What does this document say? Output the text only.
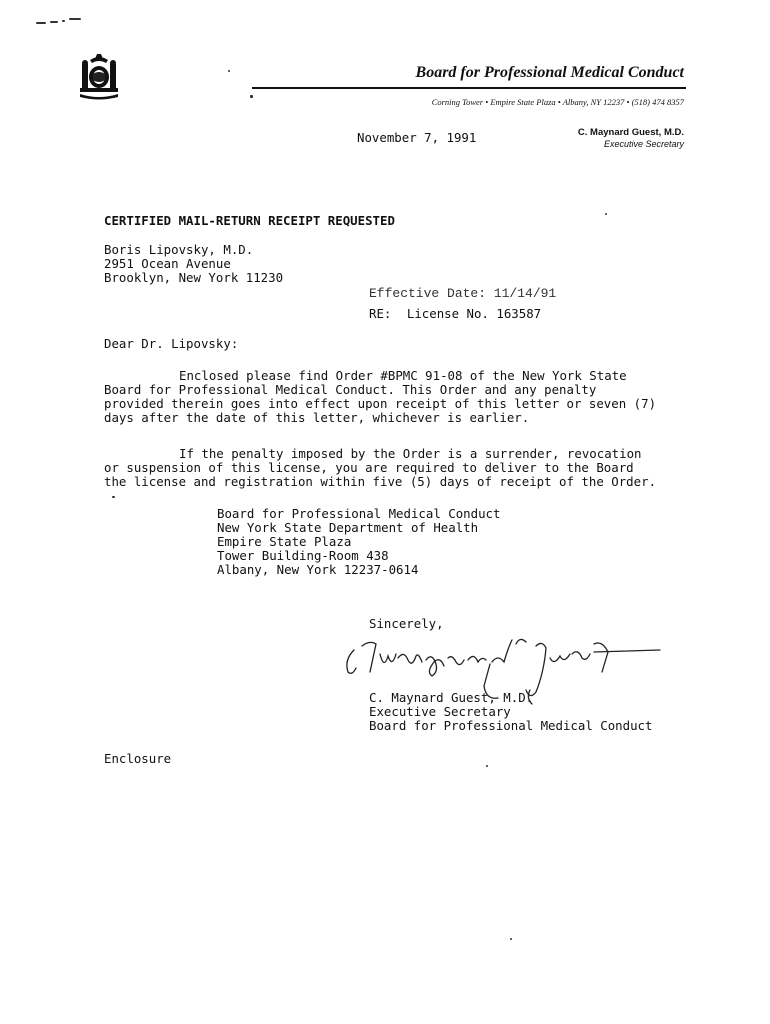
Board for Professional Medical Conduct
Corning Tower • Empire State Plaza • Albany, NY 12237 • (518) 474 8357
November 7, 1991	C. Maynard Guest, M.D.
Executive Secretary
CERTIFIED MAIL-RETURN RECEIPT REQUESTED
Boris Lipovsky, M.D.
2951 Ocean Avenue
Brooklyn, New York 11230
Effective Date: 11/14/91
RE: License No. 163587
Dear Dr. Lipovsky:
Enclosed please find Order #BPMC 91-08 of the New York State
Board for Professional Medical Conduct. This Order and any penalty
provided therein goes into effect upon receipt of this letter or seven (7)
days after the date of this letter, whichever is earlier.
If the penalty imposed by the Order is a surrender, revocation
or suspension of this license, you are required to deliver to the Board
the license and registration within five (5) days of receipt of the Order.
Board for Professional Medical Conduct
New York State Department of Health
Empire State Plaza
Tower Building-Room 438
Albany, New York 12237-0614
Sincerely,
C. Maynard Guest, M.D.
Executive Secretary
Board for Professional Medical Conduct
Enclosure
